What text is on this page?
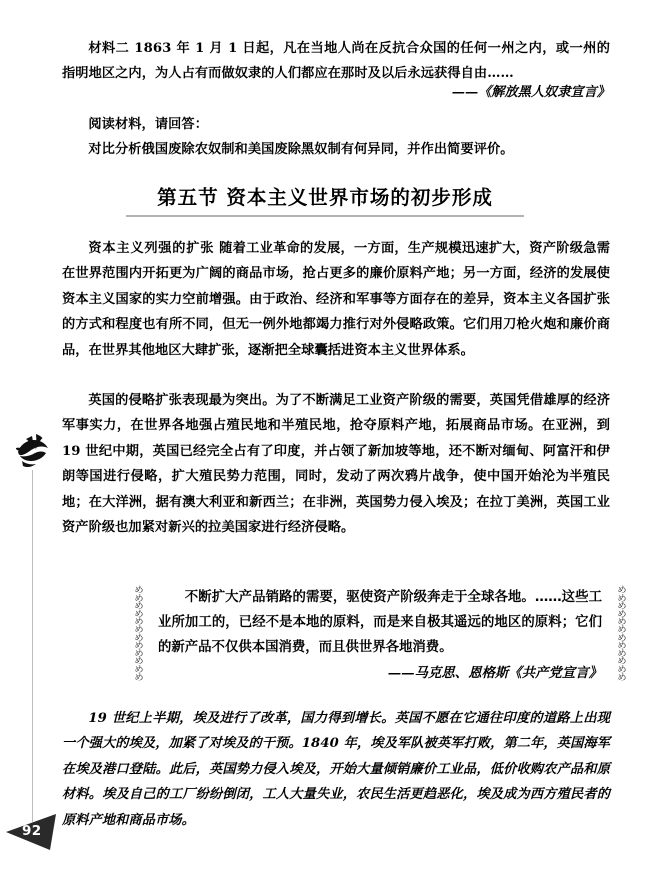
材料二 1863 年 1 月 1 日起，凡在当地人尚在反抗合众国的任何一州之内，或一州的指明地区之内，为人占有而做奴隶的人们都应在那时及以后永远获得自由……
——《解放黑人奴隶宣言》
阅读材料，请回答：
对比分析俄国废除农奴制和美国废除黑奴制有何异同，并作出简要评价。
第五节 资本主义世界市场的初步形成
资本主义列强的扩张 随着工业革命的发展，一方面，生产规模迅速扩大，资产阶级急需在世界范围内开拓更为广阔的商品市场，抢占更多的廉价原料产地；另一方面，经济的发展使资本主义国家的实力空前增强。由于政治、经济和军事等方面存在的差异，资本主义各国扩张的方式和程度也有所不同，但无一例外地都竭力推行对外侵略政策。它们用刀枪火炮和廉价商品，在世界其他地区大肆扩张，逐渐把全球囊括进资本主义世界体系。
英国的侵略扩张表现最为突出。为了不断满足工业资产阶级的需要，英国凭借雄厚的经济军事实力，在世界各地强占殖民地和半殖民地，抢夺原料产地，拓展商品市场。在亚洲，到 19 世纪中期，英国已经完全占有了印度，并占领了新加坡等地，还不断对缅甸、阿富汗和伊朗等国进行侵略，扩大殖民势力范围，同时，发动了两次鸦片战争，使中国开始沦为半殖民地；在大洋洲，据有澳大利亚和新西兰；在非洲，英国势力侵入埃及；在拉丁美洲，英国工业资产阶级也加紧对新兴的拉美国家进行经济侵略。
めめめめめめめめめめめめ
めめめめめめめめめめめめ
不断扩大产品销路的需要，驱使资产阶级奔走于全球各地。……这些工业所加工的，已经不是本地的原料，而是来自极其遥远的地区的原料；它们的新产品不仅供本国消费，而且供世界各地消费。
——马克思、恩格斯《共产党宣言》
19 世纪上半期，埃及进行了改革，国力得到增长。英国不愿在它通往印度的道路上出现一个强大的埃及，加紧了对埃及的干预。1840 年，埃及军队被英军打败，第二年，英国海军在埃及港口登陆。此后，英国势力侵入埃及，开始大量倾销廉价工业品，低价收购农产品和原材料。埃及自己的工厂纷纷倒闭，工人大量失业，农民生活更趋恶化，埃及成为西方殖民者的原料产地和商品市场。
92
